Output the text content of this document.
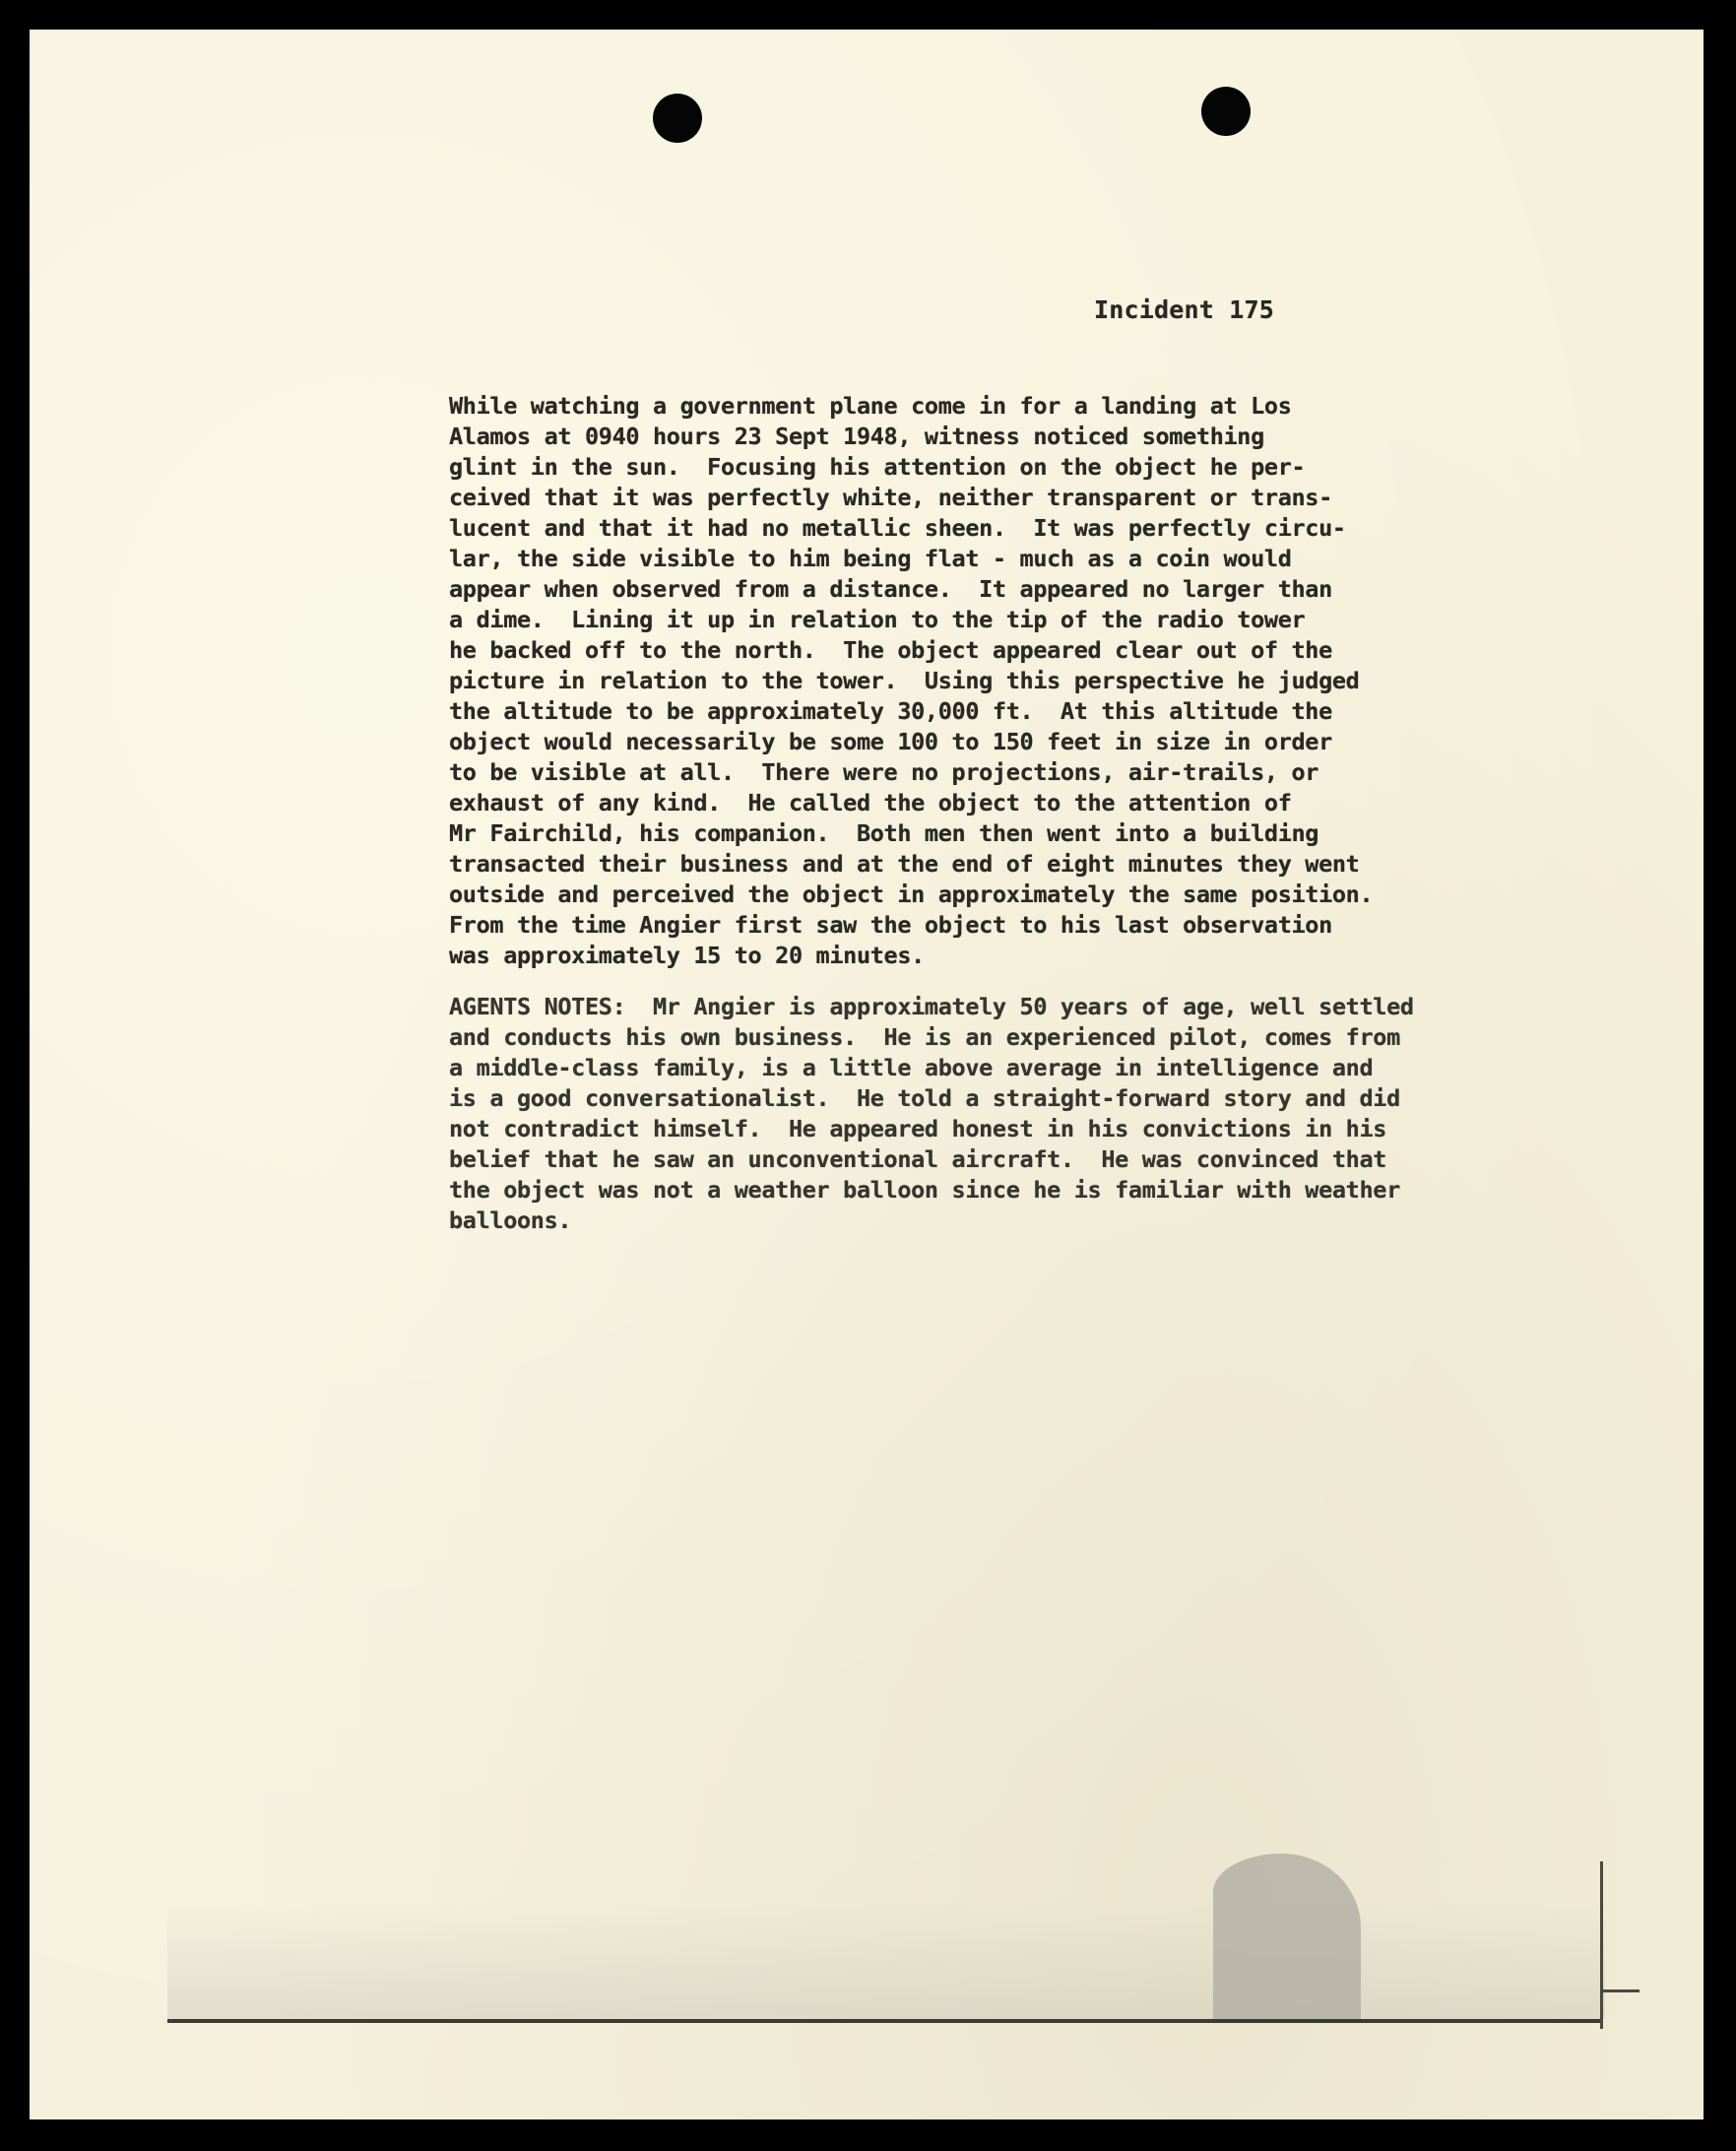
Incident 175
While watching a government plane come in for a landing at Los
Alamos at 0940 hours 23 Sept 1948, witness noticed something
glint in the sun.  Focusing his attention on the object he per-
ceived that it was perfectly white, neither transparent or trans-
lucent and that it had no metallic sheen.  It was perfectly circu-
lar, the side visible to him being flat - much as a coin would
appear when observed from a distance.  It appeared no larger than
a dime.  Lining it up in relation to the tip of the radio tower
he backed off to the north.  The object appeared clear out of the
picture in relation to the tower.  Using this perspective he judged
the altitude to be approximately 30,000 ft.  At this altitude the
object would necessarily be some 100 to 150 feet in size in order
to be visible at all.  There were no projections, air-trails, or
exhaust of any kind.  He called the object to the attention of
Mr Fairchild, his companion.  Both men then went into a building
transacted their business and at the end of eight minutes they went
outside and perceived the object in approximately the same position.
From the time Angier first saw the object to his last observation
was approximately 15 to 20 minutes.
AGENTS NOTES:  Mr Angier is approximately 50 years of age, well settled
and conducts his own business.  He is an experienced pilot, comes from
a middle-class family, is a little above average in intelligence and
is a good conversationalist.  He told a straight-forward story and did
not contradict himself.  He appeared honest in his convictions in his
belief that he saw an unconventional aircraft.  He was convinced that
the object was not a weather balloon since he is familiar with weather
balloons.
